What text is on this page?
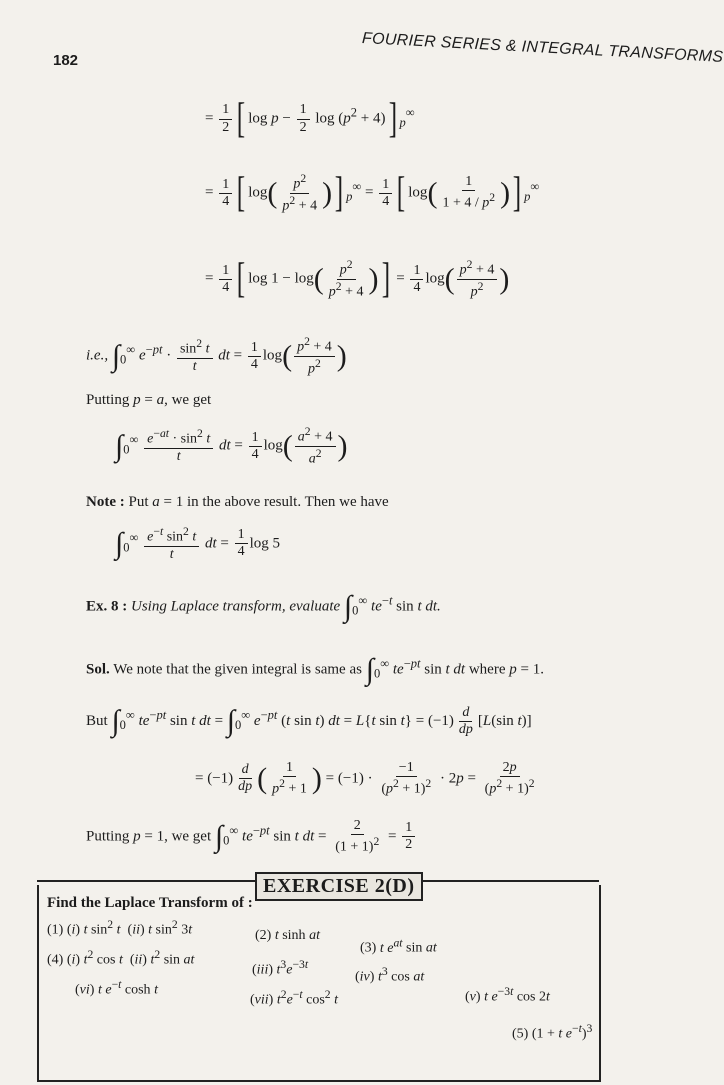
182	FOURIER SERIES & INTEGRAL TRANSFORMS
= $\frac{1}{2}$ [ $\log p - \frac{1}{2}$ $\log (p^2 + 4)$] $_p$∞
= $\frac{1}{4}$ [ $\log( \frac{p^2}{p^2 + 4}$ )] $_p^\infty = \frac{1}{4}$ [ $\log( \frac{1}{1 + 4 / p^2}$ )] $_p$∞
= $\frac{1}{4}$ [ $\log 1 - \log( \frac{p^2}{p^2 + 4}$ )] = $\frac{1}{4} \log( \frac{p^2 + 4}{p^2}$ )
i.e., $\int_0^\infty$ $e^{-pt} \cdot \frac{\sin^2 t}{t}$ dt = $\frac{1}{4} \log( \frac{p^2 + 4}{p^2}$ )
Putting p = a, we get
$\int_0^\infty \frac{e^{-at} \cdot \sin^2 t}{t}$ dt = $\frac{1}{4} \log( \frac{a^2 + 4}{a^2}$ )
Note : Put a = 1 in the above result. Then we have
$\int_0^\infty \frac{e^{-t} \sin^2 t}{t}$ dt = $\frac{1}{4}$ log 5
Ex. 8 : Using Laplace transform, evaluate $\int_0^\infty$ $te^{-t}$ sin t dt.
Sol. We note that the given integral is same as $\int_0^\infty$ $te^{-pt}$ sin t dt where p = 1.
But $\int_0^\infty$ $te^{-pt}$ sin t dt = $\int_0^\infty$ $e^{-pt}$ (t sin t) dt = L{t $\sin t\} = (-1) \frac{d}{dp} [L(\sin$ t)]
= $(-1) \frac{d}{dp}$ ( $\frac{1}{p^2 + 1}$ ) = $(-1) \cdot \frac{-1}{(p^2 + 1)^2} \cdot 2p = \frac{2p}{(p^2 + 1)^2}$
Putting p = 1, we get $\int_0^\infty$ $te^{-pt}$ sin t dt = $\frac{2}{(1 + 1)^2} = \frac{1}{2}$
EXERCISE 2(D)
Find the Laplace Transform of :
(1) (i) t $\sin^2 t$  (ii) t $\sin^2 3t$	(2) t sinh at
(3) t $e^{at}$ sin at
(4) (i) $t^2$ cos t  (ii) $t^2$ sin at
(iii) $t^3e^{-3t}$
(iv) $t^3$ cos at
(v) t $e^{-3t}$ cos 2t
(vi) t $e^{-t}$ cosh t
(vii) $t^2e^{-t}$ $\cos^2 t$
(5) (1 + t $e^{-t})^3$
